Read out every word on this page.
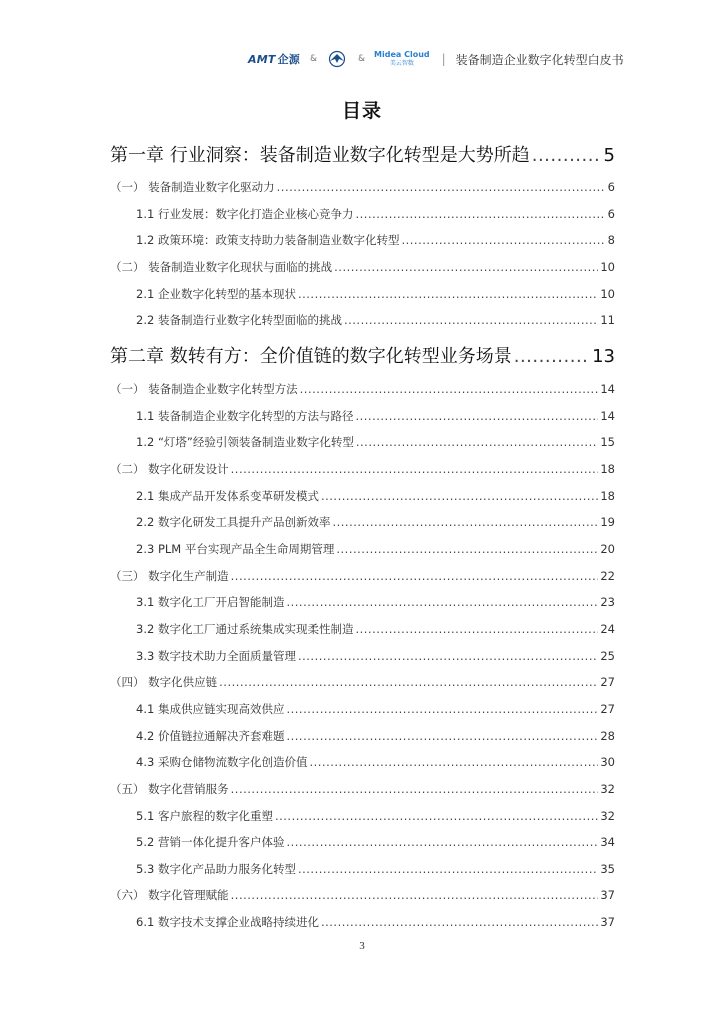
AMT 企源 &	& Midea Cloud
美云智数 | 装备制造企业数字化转型白皮书
目录
第一章 行业洞察：装备制造业数字化转型是大势所趋 .....	5
（一） 装备制造业数字化驱动力 .....	6
1.1 行业发展：数字化打造企业核心竞争力 .....	6
1.2 政策环境：政策支持助力装备制造业数字化转型 .....	8
（二） 装备制造业数字化现状与面临的挑战 .....	10
2.1 企业数字化转型的基本现状 .....	10
2.2 装备制造行业数字化转型面临的挑战 .....	11
第二章 数转有方：全价值链的数字化转型业务场景 .....	13
（一） 装备制造企业数字化转型方法 .....	14
1.1 装备制造企业数字化转型的方法与路径 .....	14
1.2 “灯塔”经验引领装备制造业数字化转型 .....	15
（二） 数字化研发设计 .....	18
2.1 集成产品开发体系变革研发模式 .....	18
2.2 数字化研发工具提升产品创新效率 .....	19
2.3 PLM 平台实现产品全生命周期管理 .....	20
（三） 数字化生产制造 .....	22
3.1 数字化工厂开启智能制造 .....	23
3.2 数字化工厂通过系统集成实现柔性制造 .....	24
3.3 数字技术助力全面质量管理 .....	25
（四） 数字化供应链 .....	27
4.1 集成供应链实现高效供应 .....	27
4.2 价值链拉通解决齐套难题 .....	28
4.3 采购仓储物流数字化创造价值 .....	30
（五） 数字化营销服务 .....	32
5.1 客户旅程的数字化重塑 .....	32
5.2 营销一体化提升客户体验 .....	34
5.3 数字化产品助力服务化转型 .....	35
（六） 数字化管理赋能 .....	37
6.1 数字技术支撑企业战略持续进化 .....	37
3
